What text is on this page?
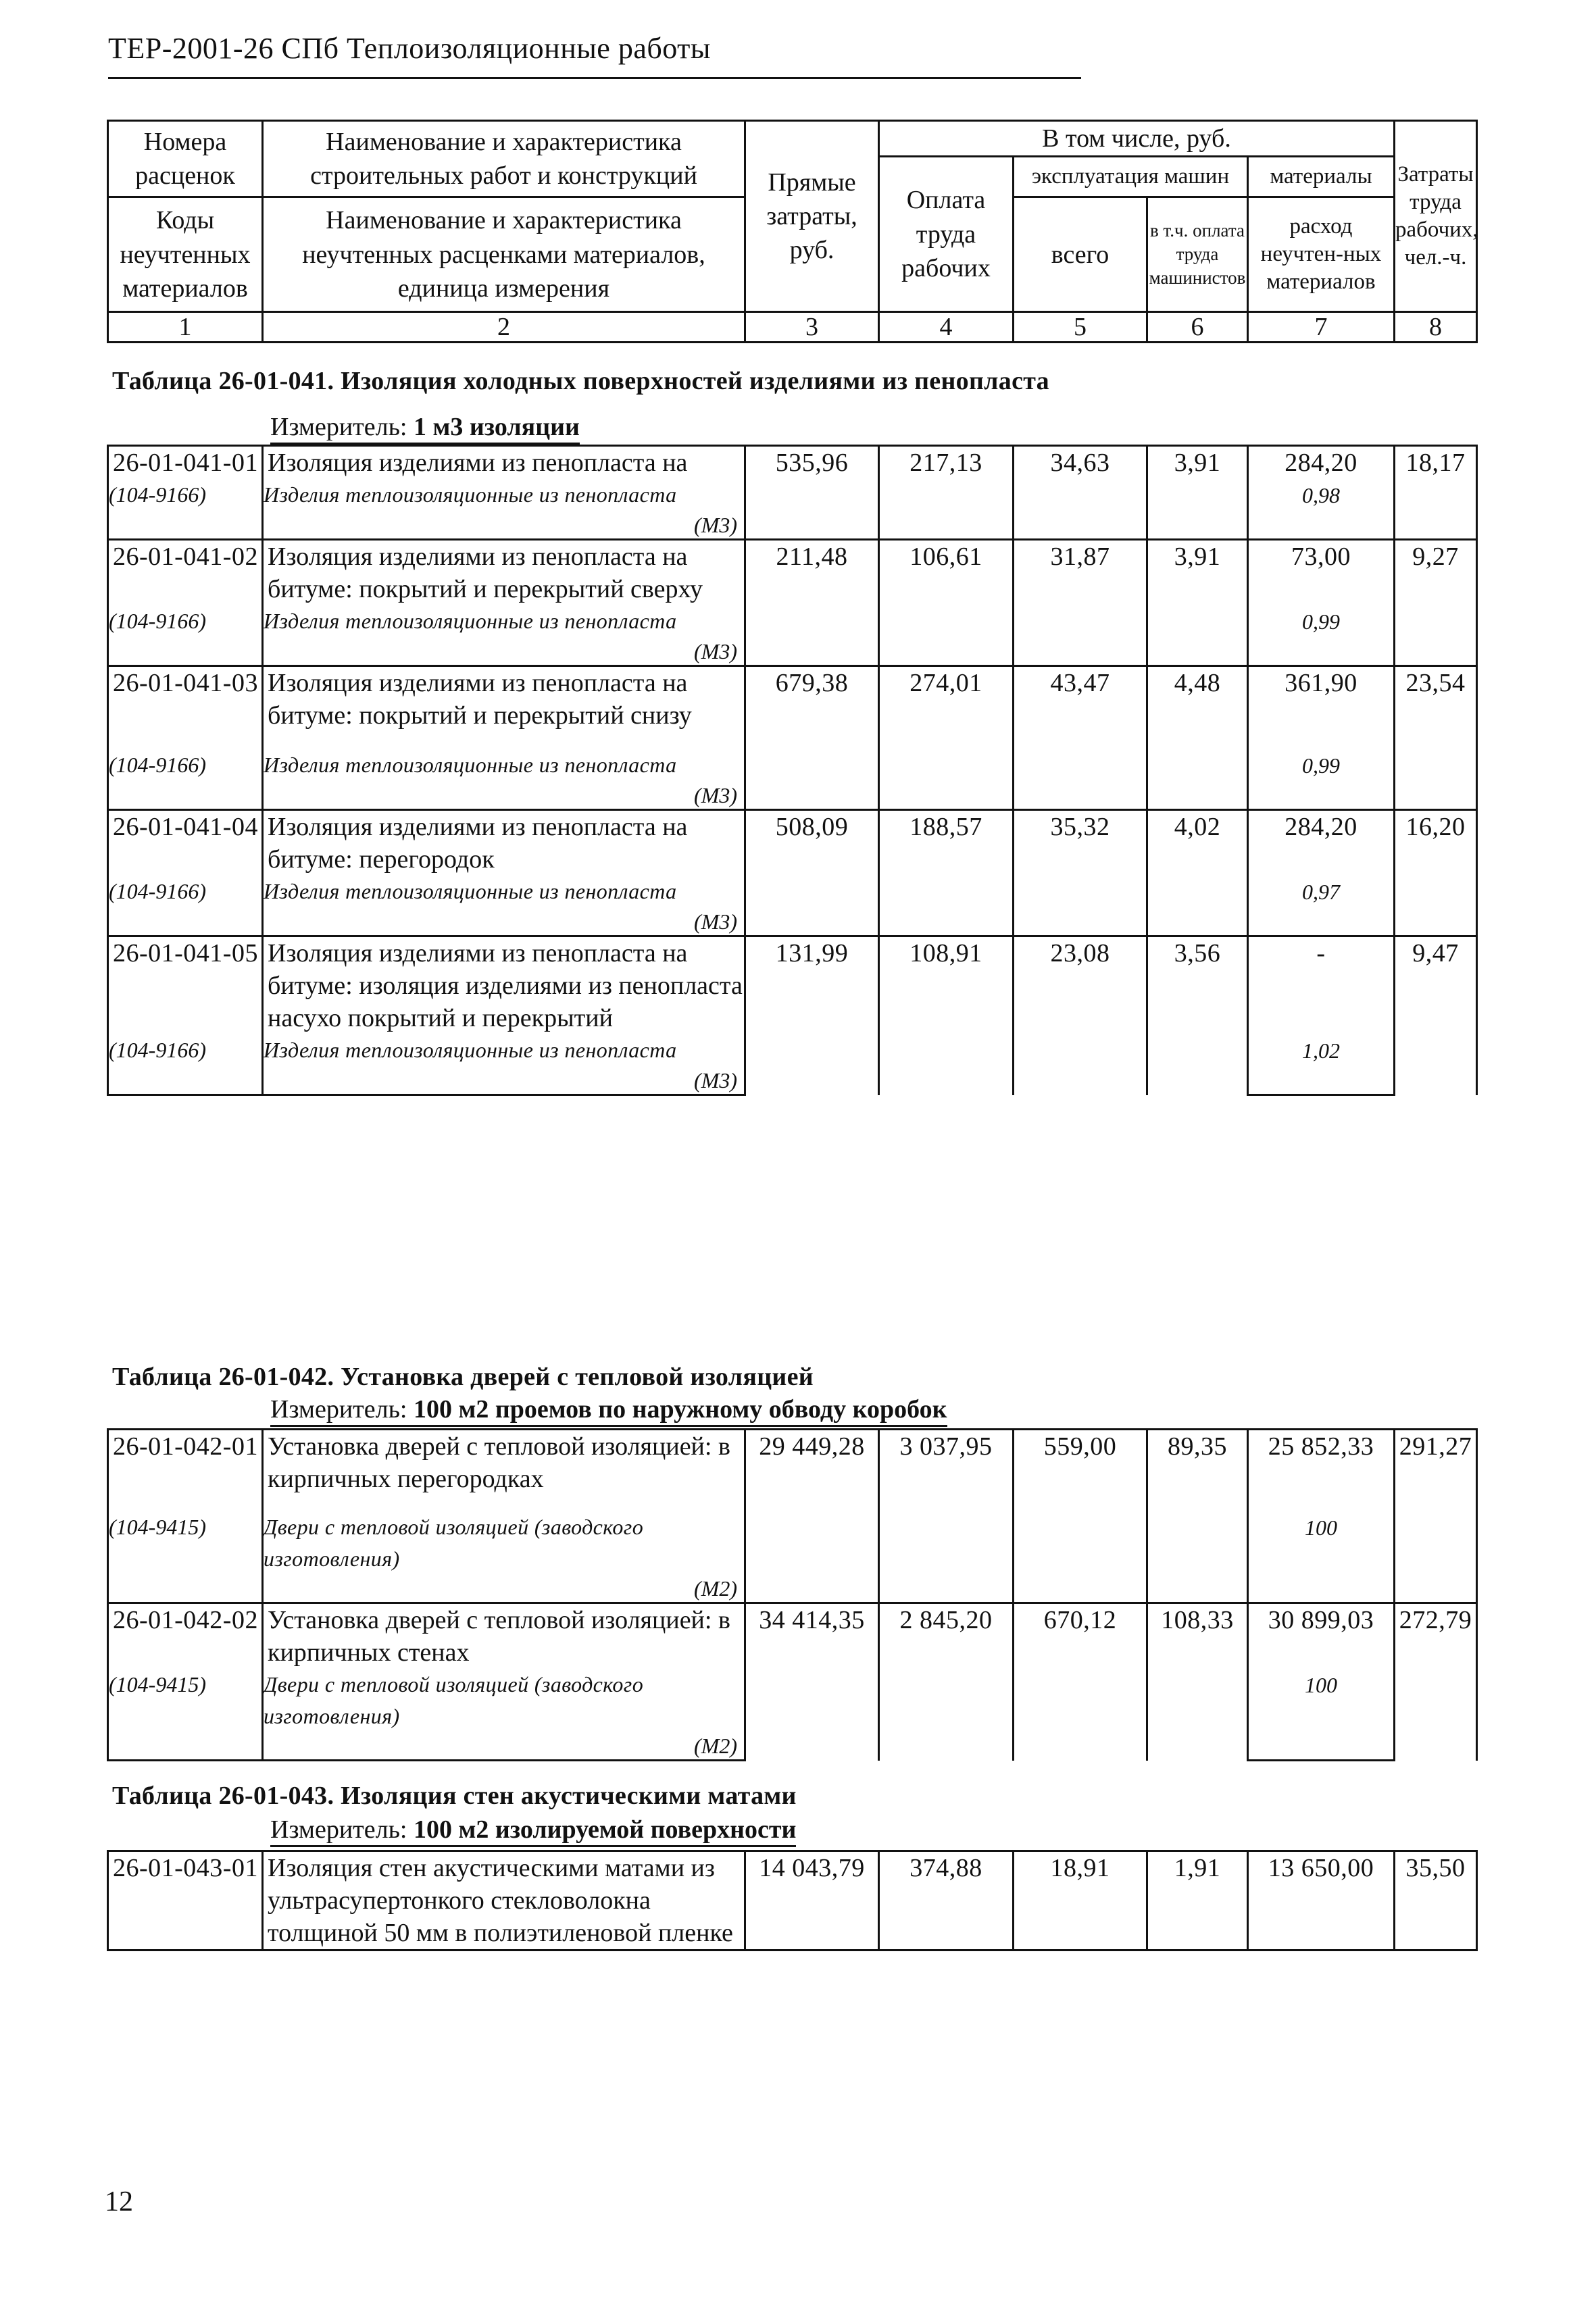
ТЕР-2001-26 СПб Теплоизоляционные работы
Номера расценок	Наименование и характеристика строительных работ и конструкций	Прямые затраты, руб.	В том числе, руб.				Затраты труда рабочих, чел.-ч.
			Оплата труда рабочих	эксплуатация машин		материалы	
Коды неучтенных материалов	Наименование и характеристика неучтенных расценками материалов, единица измерения			всего	в т.ч. оплата труда машинистов	расход неучтен-ных материалов	

1	2	3	4	5	6	7	8
Таблица 26-01-041. Изоляция холодных поверхностей изделиями из пенопласта
Измеритель: 1 м3 изоляции
26-01-041-01	Изоляция изделиями из пенопласта на	535,96	217,13	34,63	3,91	284,20	18,17
(104-9166)	Изделия теплоизоляционные из пенопласта					0,98	
	(М3)						
26-01-041-02	Изоляция изделиями из пенопласта на битуме: покрытий и перекрытий сверху	211,48	106,61	31,87	3,91	73,00	9,27
(104-9166)	Изделия теплоизоляционные из пенопласта					0,99	
	(М3)						
26-01-041-03	Изоляция изделиями из пенопласта на битуме: покрытий и перекрытий снизу	679,38	274,01	43,47	4,48	361,90	23,54
(104-9166)	Изделия теплоизоляционные из пенопласта					0,99	
	(М3)						
26-01-041-04	Изоляция изделиями из пенопласта на битуме: перегородок	508,09	188,57	35,32	4,02	284,20	16,20
(104-9166)	Изделия теплоизоляционные из пенопласта					0,97	
	(М3)						
26-01-041-05	Изоляция изделиями из пенопласта на битуме: изоляция изделиями из пенопласта насухо покрытий и перекрытий	131,99	108,91	23,08	3,56	-	9,47
(104-9166)	Изделия теплоизоляционные из пенопласта					1,02	
	(М3)						
Таблица 26-01-042. Установка дверей с тепловой изоляцией
Измеритель: 100 м2 проемов по наружному обводу коробок
26-01-042-01	Установка дверей с тепловой изоляцией: в кирпичных перегородках	29 449,28	3 037,95	559,00	89,35	25 852,33	291,27
(104-9415)	Двери с тепловой изоляцией (заводского изготовления)					100	
	(М2)						
26-01-042-02	Установка дверей с тепловой изоляцией: в кирпичных стенах	34 414,35	2 845,20	670,12	108,33	30 899,03	272,79
(104-9415)	Двери с тепловой изоляцией (заводского изготовления)					100	
	(М2)						
Таблица 26-01-043. Изоляция стен акустическими матами
Измеритель: 100 м2 изолируемой поверхности
26-01-043-01	Изоляция стен акустическими матами из ультрасупертонкого стекловолокна толщиной 50 мм в полиэтиленовой пленке	14 043,79	374,88	18,91	1,91	13 650,00	35,50
12
